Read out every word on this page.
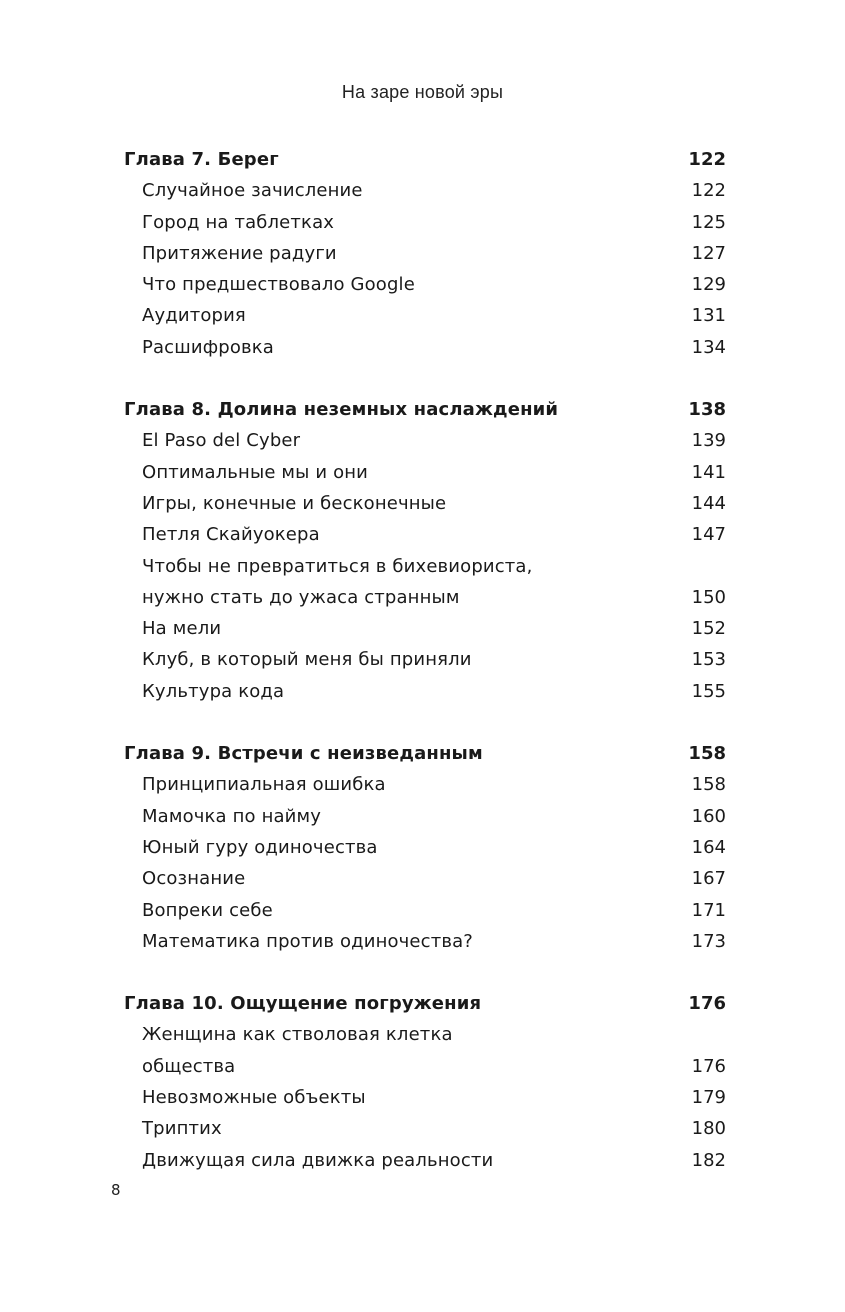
На заре новой эры
Глава 7. Берег	122
Случайное зачисление	122
Город на таблетках	125
Притяжение радуги	127
Что предшествовало Google	129
Аудитория	131
Расшифровка	134
Глава 8. Долина неземных наслаждений	138
El Paso del Cyber	139
Оптимальные мы и они	141
Игры, конечные и бесконечные	144
Петля Скайуокера	147
Чтобы не превратиться в бихевиориста,
нужно стать до ужаса странным	150
На мели	152
Клуб, в который меня бы приняли	153
Культура кода	155
Глава 9. Встречи с неизведанным	158
Принципиальная ошибка	158
Мамочка по найму	160
Юный гуру одиночества	164
Осознание	167
Вопреки себе	171
Математика против одиночества?	173
Глава 10. Ощущение погружения	176
Женщина как стволовая клетка
общества	176
Невозможные объекты	179
Триптих	180
Движущая сила движка реальности	182
8
